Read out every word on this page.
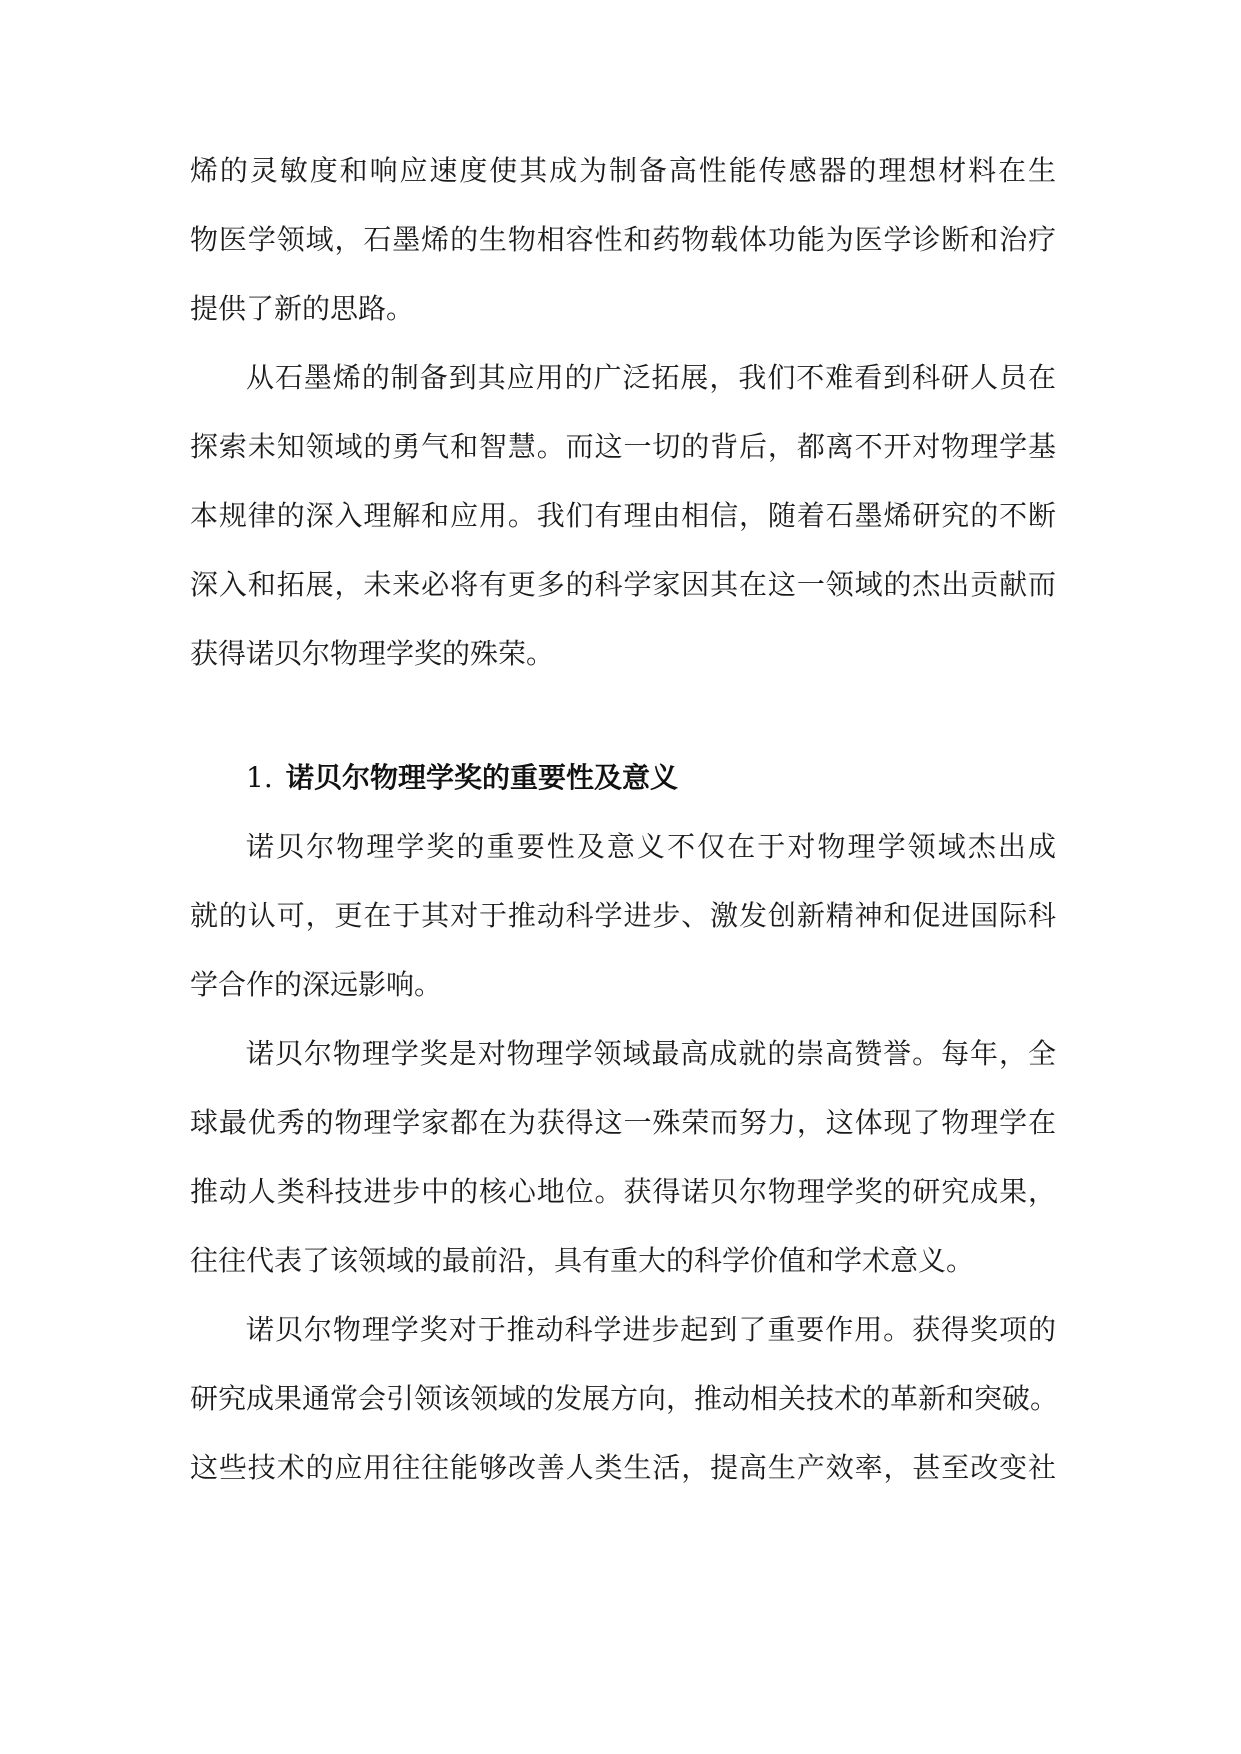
烯的灵敏度和响应速度使其成为制备高性能传感器的理想材料在生
物医学领域，石墨烯的生物相容性和药物载体功能为医学诊断和治疗
提供了新的思路。

从石墨烯的制备到其应用的广泛拓展，我们不难看到科研人员在
探索未知领域的勇气和智慧。而这一切的背后，都离不开对物理学基
本规律的深入理解和应用。我们有理由相信，随着石墨烯研究的不断
深入和拓展，未来必将有更多的科学家因其在这一领域的杰出贡献而
获得诺贝尔物理学奖的殊荣。

1. 诺贝尔物理学奖的重要性及意义

诺贝尔物理学奖的重要性及意义不仅在于对物理学领域杰出成
就的认可，更在于其对于推动科学进步、激发创新精神和促进国际科
学合作的深远影响。

诺贝尔物理学奖是对物理学领域最高成就的崇高赞誉。每年，全
球最优秀的物理学家都在为获得这一殊荣而努力，这体现了物理学在
推动人类科技进步中的核心地位。获得诺贝尔物理学奖的研究成果，
往往代表了该领域的最前沿，具有重大的科学价值和学术意义。

诺贝尔物理学奖对于推动科学进步起到了重要作用。获得奖项的
研究成果通常会引领该领域的发展方向，推动相关技术的革新和突破。
这些技术的应用往往能够改善人类生活，提高生产效率，甚至改变社
